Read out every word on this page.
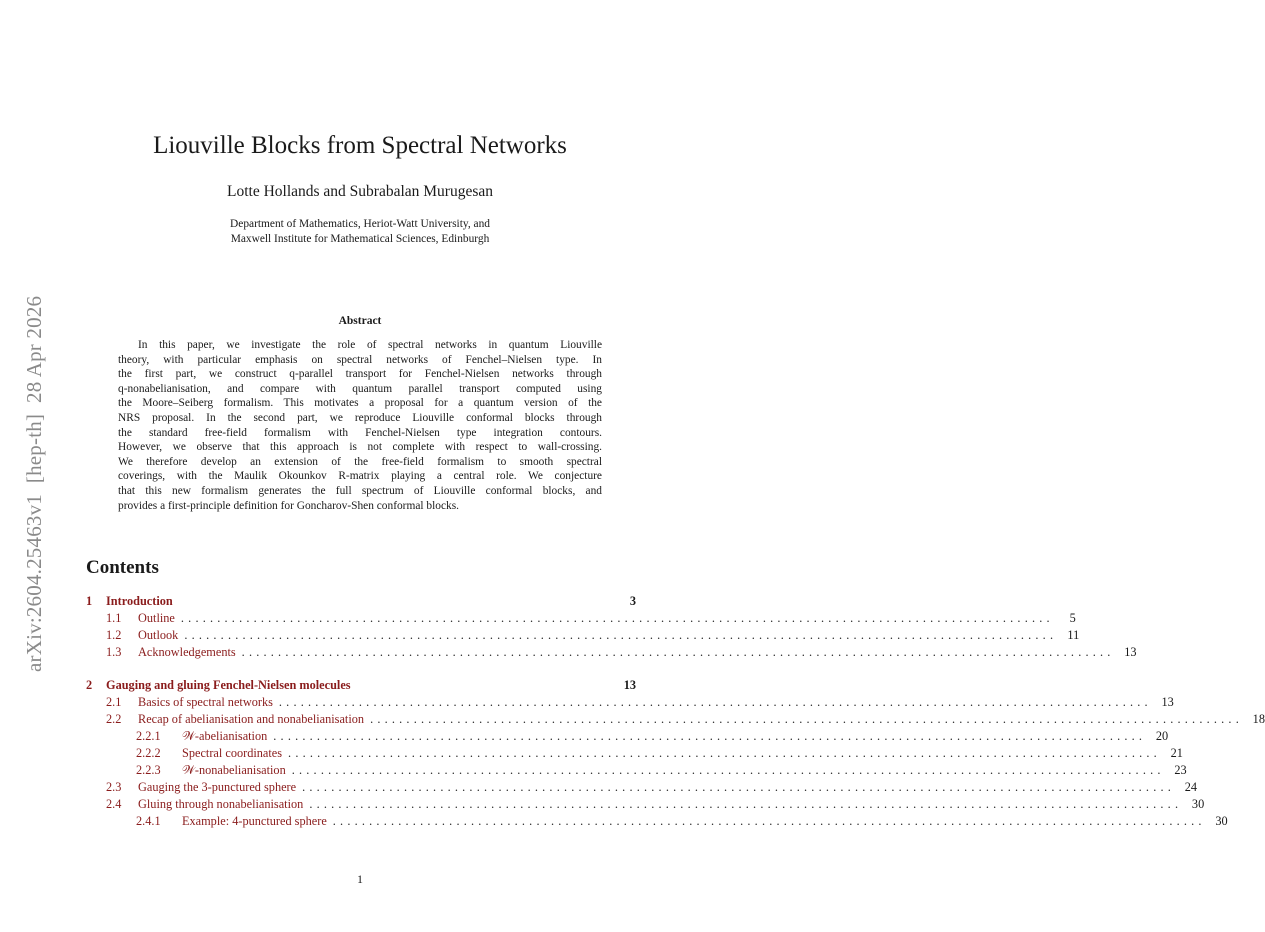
arXiv:2604.25463v1  [hep-th]  28 Apr 2026
Liouville Blocks from Spectral Networks
Lotte Hollands and Subrabalan Murugesan
Department of Mathematics, Heriot-Watt University, and
Maxwell Institute for Mathematical Sciences, Edinburgh
Abstract
In this paper, we investigate the role of spectral networks in quantum Liouville
theory, with particular emphasis on spectral networks of Fenchel–Nielsen type. In
the first part, we construct q-parallel transport for Fenchel-Nielsen networks through
q-nonabelianisation, and compare with quantum parallel transport computed using
the Moore–Seiberg formalism. This motivates a proposal for a quantum version of the
NRS proposal. In the second part, we reproduce Liouville conformal blocks through
the standard free-field formalism with Fenchel-Nielsen type integration contours.
However, we observe that this approach is not complete with respect to wall-crossing.
We therefore develop an extension of the free-field formalism to smooth spectral
coverings, with the Maulik Okounkov R-matrix playing a central role. We conjecture
that this new formalism generates the full spectrum of Liouville conformal blocks, and
provides a first-principle definition for Goncharov-Shen conformal blocks.
Contents
1	Introduction	3
1.1	Outline ........................................................................................................................	5
1.2	Outlook ........................................................................................................................ 11
1.3	Acknowledgements ........................................................................................................................ 13
2	Gauging and gluing Fenchel-Nielsen molecules	13
2.1	Basics of spectral networks ........................................................................................................................ 13
2.2	Recap of abelianisation and nonabelianisation ........................................................................................................................ 18
2.2.1	𝒲-abelianisation ........................................................................................................................ 20
2.2.2	Spectral coordinates ........................................................................................................................ 21
2.2.3	𝒲-nonabelianisation ........................................................................................................................ 23
2.3	Gauging the 3-punctured sphere ........................................................................................................................ 24
2.4	Gluing through nonabelianisation ........................................................................................................................ 30
2.4.1	Example: 4-punctured sphere ........................................................................................................................ 30
1
